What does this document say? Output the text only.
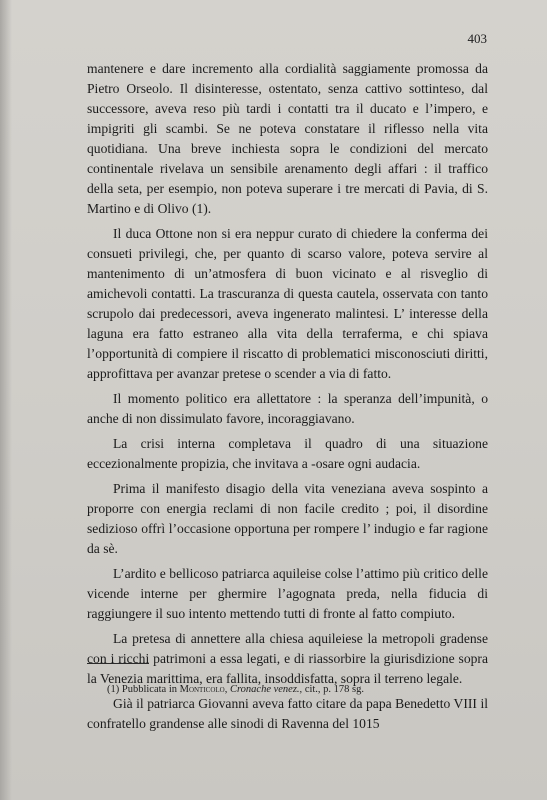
403

mantenere e dare incremento alla cordialità saggiamente promossa da Pietro Orseolo. Il disinteresse, ostentato, senza cattivo sottinteso, dal successore, aveva reso più tardi i contatti tra il ducato e l’impero, e impigriti gli scambi. Se ne poteva constatare il riflesso nella vita quotidiana. Una breve inchiesta sopra le condizioni del mercato continentale rivelava un sensibile arenamento degli affari : il traffico della seta, per esempio, non poteva superare i tre mercati di Pavia, di S. Martino e di Olivo (1).

Il duca Ottone non si era neppur curato di chiedere la conferma dei consueti privilegi, che, per quanto di scarso valore, poteva servire al mantenimento di un’atmosfera di buon vicinato e al risveglio di amichevoli contatti. La trascuranza di questa cautela, osservata con tanto scrupolo dai predecessori, aveva ingenerato malintesi. L’ interesse della laguna era fatto estraneo alla vita della terraferma, e chi spiava l’opportunità di compiere il riscatto di problematici misconosciuti diritti, approfittava per avanzar pretese o scender a via di fatto.

Il momento politico era allettatore : la speranza dell’impunità, o anche di non dissimulato favore, incoraggiavano.

La crisi interna completava il quadro di una situazione eccezionalmente propizia, che invitava a ‑osare ogni audacia.

Prima il manifesto disagio della vita veneziana aveva sospinto a proporre con energia reclami di non facile credito ; poi, il disordine sedizioso offrì l’occasione opportuna per rompere l’ indugio e far ragione da sè.

L’ardito e bellicoso patriarca aquileise colse l’attimo più critico delle vicende interne per ghermire l’agognata preda, nella fiducia di raggiungere il suo intento mettendo tutti di fronte al fatto compiuto.

La pretesa di annettere alla chiesa aquileiese la metropoli gradense con i ricchi patrimoni a essa legati, e di riassorbire la giurisdizione sopra la Venezia marittima, era fallita, insoddisfatta, sopra il terreno legale.

Già il patriarca Giovanni aveva fatto citare da papa Benedetto VIII il confratello grandense alle sinodi di Ravenna del 1015

(1) Pubblicata in Monticolo, Cronache venez., cit., p. 178 sg.
